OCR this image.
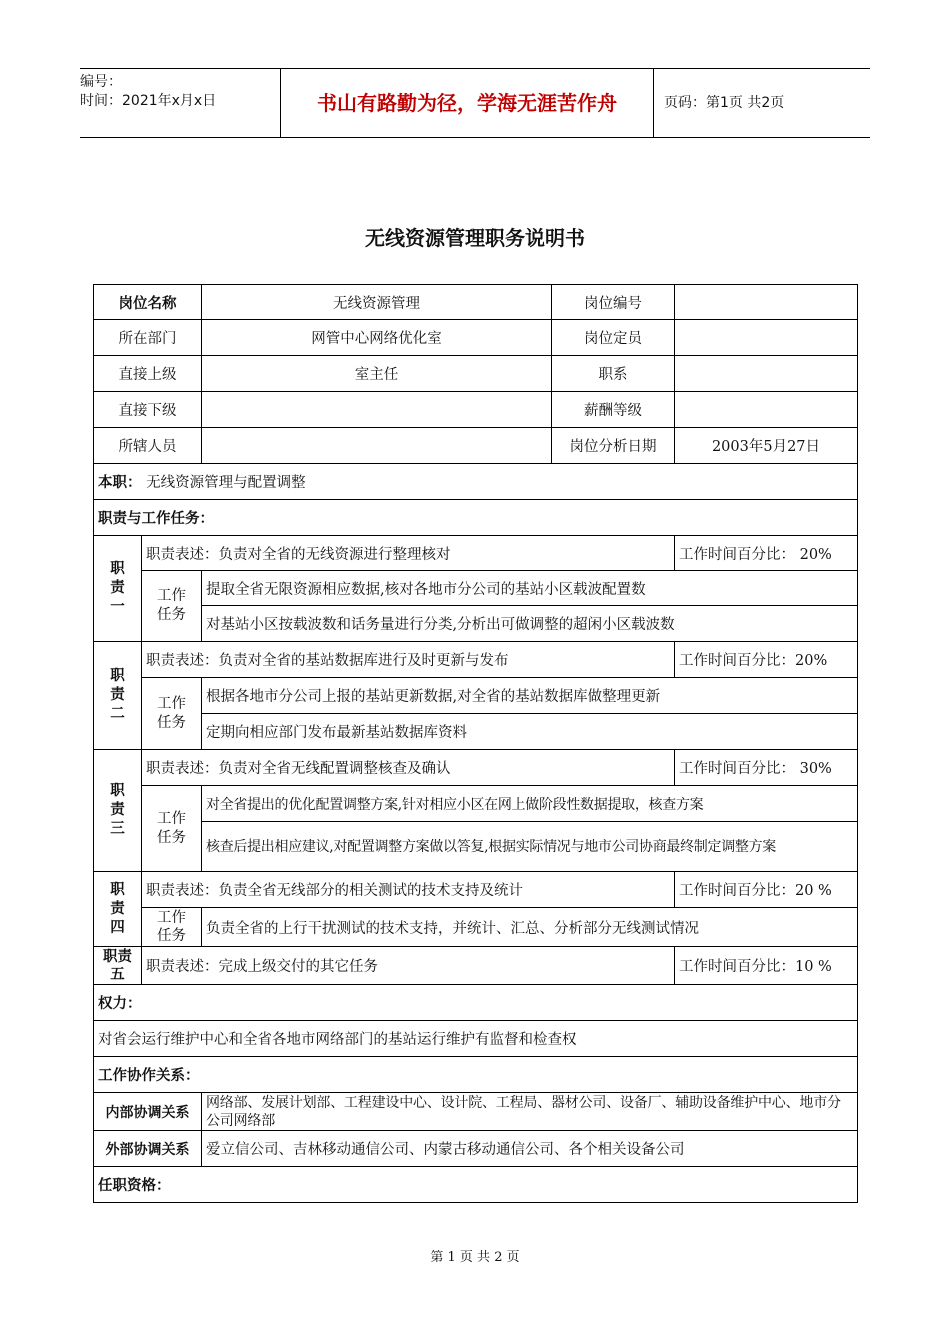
编号：
时间：2021年x月x日	书山有路勤为径，学海无涯苦作舟	页码：第1页 共2页
无线资源管理职务说明书
岗位名称		无线资源管理	岗位编号	
所在部门		网管中心网络优化室	岗位定员	
直接上级		室主任	职系	
直接下级			薪酬等级	
所辖人员			岗位分析日期	2003年5月27日
本职： 无线资源管理与配置调整				
职责与工作任务：				
职
责
一	职责表述：负责对全省的无线资源进行整理核对			工作时间百分比： 20%
	工作
任务	提取全省无限资源相应数据,核对各地市分公司的基站小区载波配置数		
		对基站小区按载波数和话务量进行分类,分析出可做调整的超闲小区载波数		
职
责
二	职责表述：负责对全省的基站数据库进行及时更新与发布			工作时间百分比：20%
	工作
任务	根据各地市分公司上报的基站更新数据,对全省的基站数据库做整理更新		
		定期向相应部门发布最新基站数据库资料		
职
责
三	职责表述：负责对全省无线配置调整核查及确认			工作时间百分比： 30%
	工作
任务	对全省提出的优化配置调整方案,针对相应小区在网上做阶段性数据提取，核查方案		
		核查后提出相应建议,对配置调整方案做以答复,根据实际情况与地市公司协商最终制定调整方案		
职
责
四	职责表述：负责全省无线部分的相关测试的技术支持及统计			工作时间百分比：20 %
	工作
任务	负责全省的上行干扰测试的技术支持，并统计、汇总、分析部分无线测试情况		
职责
五	职责表述：完成上级交付的其它任务			工作时间百分比：10 %
权力：				
对省会运行维护中心和全省各地市网络部门的基站运行维护有监督和检查权				
工作协作关系：				
内部协调关系		网络部、发展计划部、工程建设中心、设计院、工程局、器材公司、设备厂、辅助设备维护中心、地市分公司网络部		
外部协调关系		爱立信公司、吉林移动通信公司、内蒙古移动通信公司、各个相关设备公司		
任职资格：				
第 1 页 共 2 页
